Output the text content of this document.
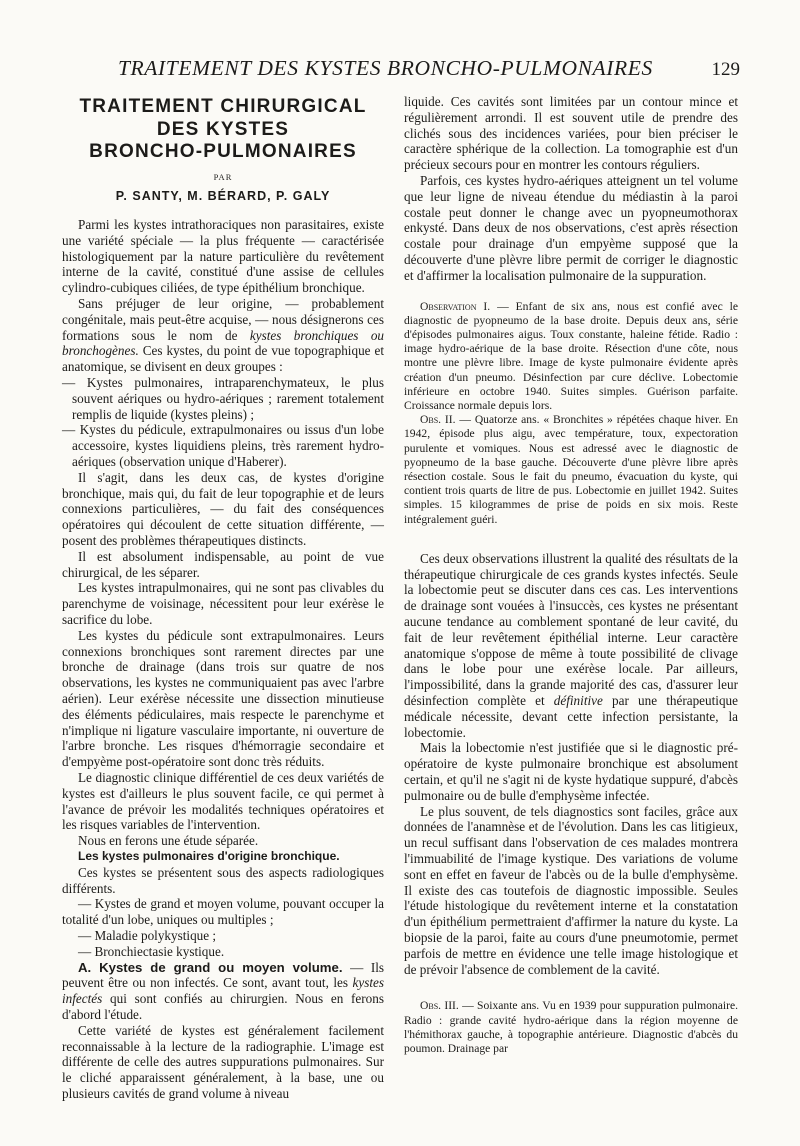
TRAITEMENT DES KYSTES BRONCHO-PULMONAIRES	129
TRAITEMENT CHIRURGICAL
DES KYSTES
BRONCHO-PULMONAIRES
PAR
P. SANTY, M. BÉRARD, P. GALY

Parmi les kystes intrathoraciques non parasitaires, existe une variété spéciale — la plus fréquente — caractérisée histologiquement par la nature particulière du revêtement interne de la cavité, constitué d'une assise de cellules cylindro-cubiques ciliées, de type épithélium bronchique.

Sans préjuger de leur origine, — probablement congénitale, mais peut-être acquise, — nous désignerons ces formations sous le nom de kystes bronchiques ou bronchogènes. Ces kystes, du point de vue topographique et anatomique, se divisent en deux groupes :

— Kystes pulmonaires, intraparenchymateux, le plus souvent aériques ou hydro-aériques ; rarement totalement remplis de liquide (kystes pleins) ;

— Kystes du pédicule, extrapulmonaires ou issus d'un lobe accessoire, kystes liquidiens pleins, très rarement hydro-aériques (observation unique d'Haberer).

Il s'agit, dans les deux cas, de kystes d'origine bronchique, mais qui, du fait de leur topographie et de leurs connexions particulières, — du fait des conséquences opératoires qui découlent de cette situation différente, — posent des problèmes thérapeutiques distincts.

Il est absolument indispensable, au point de vue chirurgical, de les séparer.

Les kystes intrapulmonaires, qui ne sont pas clivables du parenchyme de voisinage, nécessitent pour leur exérèse le sacrifice du lobe.

Les kystes du pédicule sont extrapulmonaires. Leurs connexions bronchiques sont rarement directes par une bronche de drainage (dans trois sur quatre de nos observations, les kystes ne communiquaient pas avec l'arbre aérien). Leur exérèse nécessite une dissection minutieuse des éléments pédiculaires, mais respecte le parenchyme et n'implique ni ligature vasculaire importante, ni ouverture de l'arbre bronche. Les risques d'hémorragie secondaire et d'empyème post-opératoire sont donc très réduits.

Le diagnostic clinique différentiel de ces deux variétés de kystes est d'ailleurs le plus souvent facile, ce qui permet à l'avance de prévoir les modalités techniques opératoires et les risques variables de l'intervention.

Nous en ferons une étude séparée.

Les kystes pulmonaires d'origine bronchique.

Ces kystes se présentent sous des aspects radiologiques différents.

— Kystes de grand et moyen volume, pouvant occuper la totalité d'un lobe, uniques ou multiples ;

— Maladie polykystique ;

— Bronchiectasie kystique.

A. Kystes de grand ou moyen volume. — Ils peuvent être ou non infectés. Ce sont, avant tout, les kystes infectés qui sont confiés au chirurgien. Nous en ferons d'abord l'étude.

Cette variété de kystes est généralement facilement reconnaissable à la lecture de la radiographie. L'image est différente de celle des autres suppurations pulmonaires. Sur le cliché apparaissent généralement, à la base, une ou plusieurs cavités de grand volume à niveau

liquide. Ces cavités sont limitées par un contour mince et régulièrement arrondi. Il est souvent utile de prendre des clichés sous des incidences variées, pour bien préciser le caractère sphérique de la collection. La tomographie est d'un précieux secours pour en montrer les contours réguliers.

Parfois, ces kystes hydro-aériques atteignent un tel volume que leur ligne de niveau étendue du médiastin à la paroi costale peut donner le change avec un pyopneumothorax enkysté. Dans deux de nos observations, c'est après résection costale pour drainage d'un empyème supposé que la découverte d'une plèvre libre permit de corriger le diagnostic et d'affirmer la localisation pulmonaire de la suppuration.

Observation I. — Enfant de six ans, nous est confié avec le diagnostic de pyopneumo de la base droite. Depuis deux ans, série d'épisodes pulmonaires aigus. Toux constante, haleine fétide. Radio : image hydro-aérique de la base droite. Résection d'une côte, nous montre une plèvre libre. Image de kyste pulmonaire évidente après création d'un pneumo. Désinfection par cure déclive. Lobectomie inférieure en octobre 1940. Suites simples. Guérison parfaite. Croissance normale depuis lors.

Obs. II. — Quatorze ans. « Bronchites » répétées chaque hiver. En 1942, épisode plus aigu, avec température, toux, expectoration purulente et vomiques. Nous est adressé avec le diagnostic de pyopneumo de la base gauche. Découverte d'une plèvre libre après résection costale. Sous le fait du pneumo, évacuation du kyste, qui contient trois quarts de litre de pus. Lobectomie en juillet 1942. Suites simples. 15 kilogrammes de prise de poids en six mois. Reste intégralement guéri.

Ces deux observations illustrent la qualité des résultats de la thérapeutique chirurgicale de ces grands kystes infectés. Seule la lobectomie peut se discuter dans ces cas. Les interventions de drainage sont vouées à l'insuccès, ces kystes ne présentant aucune tendance au comblement spontané de leur cavité, du fait de leur revêtement épithélial interne. Leur caractère anatomique s'oppose de même à toute possibilité de clivage dans le lobe pour une exérèse locale. Par ailleurs, l'impossibilité, dans la grande majorité des cas, d'assurer leur désinfection complète et définitive par une thérapeutique médicale nécessite, devant cette infection persistante, la lobectomie.

Mais la lobectomie n'est justifiée que si le diagnostic pré-opératoire de kyste pulmonaire bronchique est absolument certain, et qu'il ne s'agit ni de kyste hydatique suppuré, d'abcès pulmonaire ou de bulle d'emphysème infectée.

Le plus souvent, de tels diagnostics sont faciles, grâce aux données de l'anamnèse et de l'évolution. Dans les cas litigieux, un recul suffisant dans l'observation de ces malades montrera l'immuabilité de l'image kystique. Des variations de volume sont en effet en faveur de l'abcès ou de la bulle d'emphysème. Il existe des cas toutefois de diagnostic impossible. Seules l'étude histologique du revêtement interne et la constatation d'un épithélium permettraient d'affirmer la nature du kyste. La biopsie de la paroi, faite au cours d'une pneumotomie, permet parfois de mettre en évidence une telle image histologique et de prévoir l'absence de comblement de la cavité.

Obs. III. — Soixante ans. Vu en 1939 pour suppuration pulmonaire. Radio : grande cavité hydro-aérique dans la région moyenne de l'hémithorax gauche, à topographie antérieure. Diagnostic d'abcès du poumon. Drainage par
